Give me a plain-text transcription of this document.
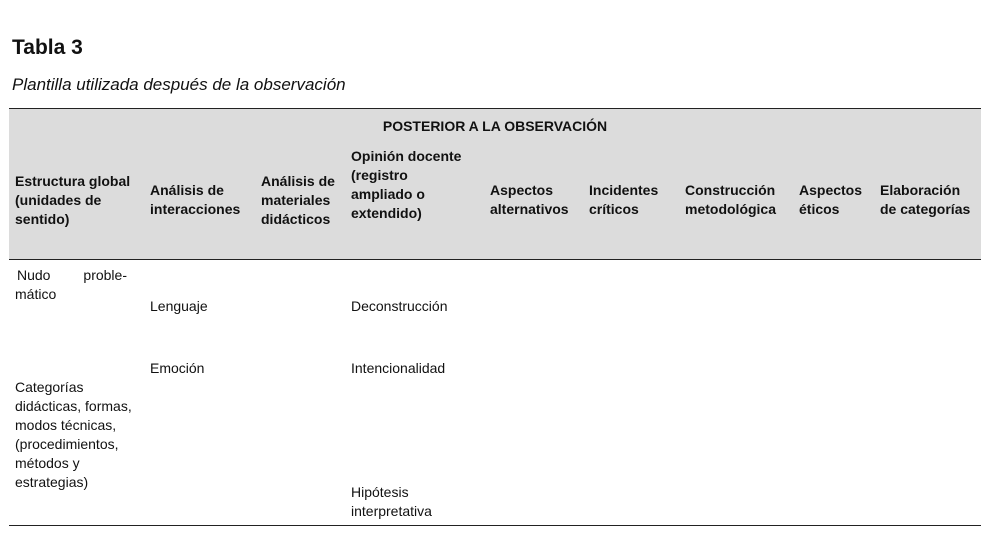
Tabla 3
Plantilla utilizada después de la observación
POSTERIOR A LA OBSERVACIÓN
Estructura global
(unidades de
sentido)
Análisis de
interacciones
Análisis de
materiales
didácticos
Opinión docente
(registro
ampliado o
extendido)
Aspectos
alternativos
Incidentes
críticos
Construcción
metodológica
Aspectos
éticos
Elaboración
de categorías
Nudo proble-
mático
Categorías
didácticas, formas,
modos técnicas,
(procedimientos,
métodos y
estrategias)
Lenguaje
Emoción
Deconstrucción
Intencionalidad
Hipótesis
interpretativa
